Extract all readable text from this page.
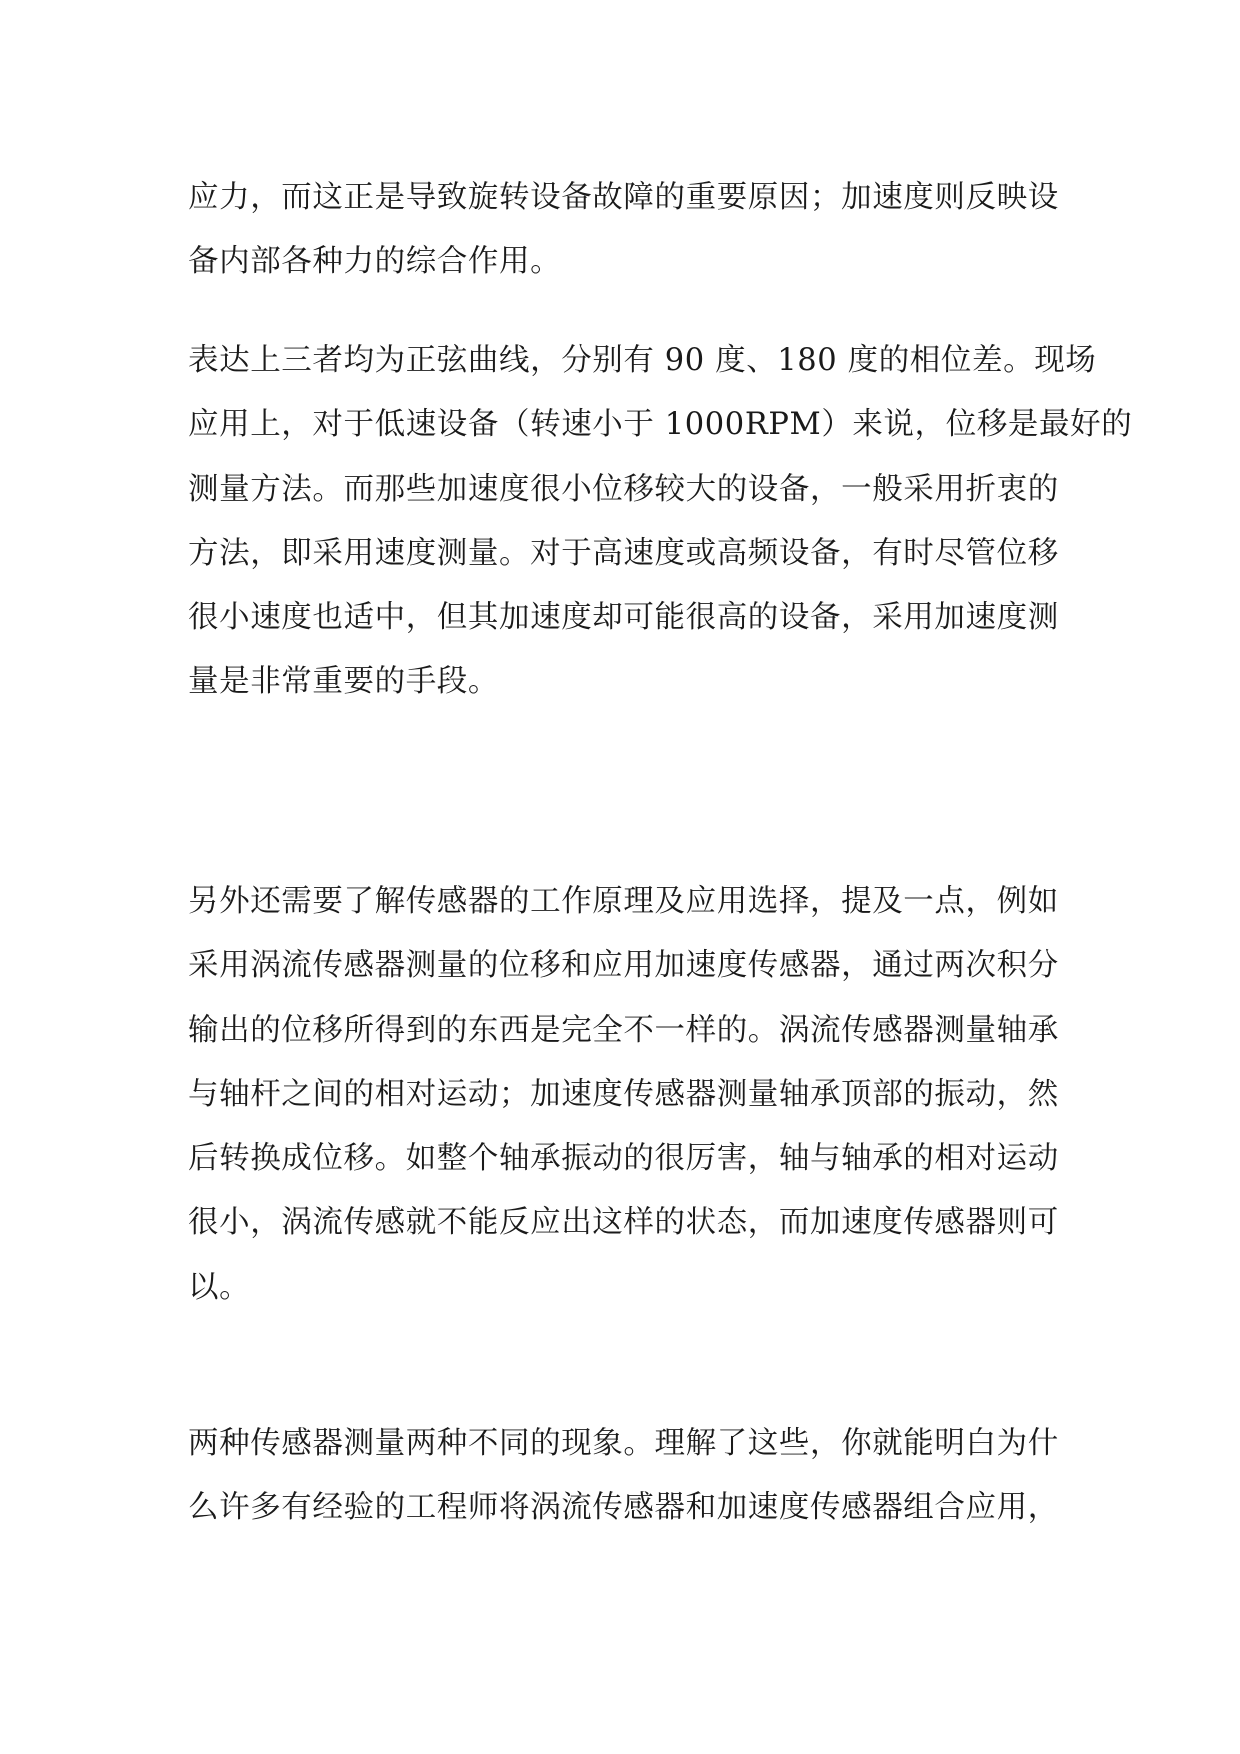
应力，而这正是导致旋转设备故障的重要原因；加速度则反映设
备内部各种力的综合作用。

表达上三者均为正弦曲线，分别有 90 度、180 度的相位差。现场
应用上，对于低速设备（转速小于 1000RPM）来说，位移是最好的
测量方法。而那些加速度很小位移较大的设备，一般采用折衷的
方法，即采用速度测量。对于高速度或高频设备，有时尽管位移
很小速度也适中，但其加速度却可能很高的设备，采用加速度测
量是非常重要的手段。

另外还需要了解传感器的工作原理及应用选择，提及一点，例如
采用涡流传感器测量的位移和应用加速度传感器，通过两次积分
输出的位移所得到的东西是完全不一样的。涡流传感器测量轴承
与轴杆之间的相对运动；加速度传感器测量轴承顶部的振动，然
后转换成位移。如整个轴承振动的很厉害，轴与轴承的相对运动
很小，涡流传感就不能反应出这样的状态，而加速度传感器则可
以。

两种传感器测量两种不同的现象。理解了这些，你就能明白为什
么许多有经验的工程师将涡流传感器和加速度传感器组合应用，
